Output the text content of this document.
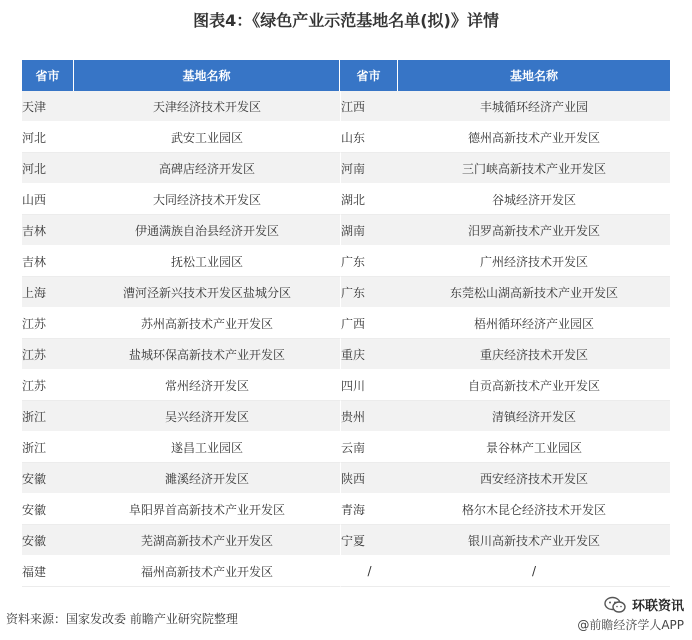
图表4：《绿色产业示范基地名单(拟)》详情
省市	基地名称	省市	基地名称
天津	天津经济技术开发区	江西	丰城循环经济产业园
河北	武安工业园区	山东	德州高新技术产业开发区
河北	高碑店经济开发区	河南	三门峡高新技术产业开发区
山西	大同经济技术开发区	湖北	谷城经济开发区
吉林	伊通满族自治县经济开发区	湖南	汨罗高新技术产业开发区
吉林	抚松工业园区	广东	广州经济技术开发区
上海	漕河泾新兴技术开发区盐城分区	广东	东莞松山湖高新技术产业开发区
江苏	苏州高新技术产业开发区	广西	梧州循环经济产业园区
江苏	盐城环保高新技术产业开发区	重庆	重庆经济技术开发区
江苏	常州经济开发区	四川	自贡高新技术产业开发区
浙江	吴兴经济开发区	贵州	清镇经济开发区
浙江	遂昌工业园区	云南	景谷林产工业园区
安徽	濉溪经济开发区	陕西	西安经济技术开发区
安徽	阜阳界首高新技术产业开发区	青海	格尔木昆仑经济技术开发区
安徽	芜湖高新技术产业开发区	宁夏	银川高新技术产业开发区
福建	福州高新技术产业开发区	/	/
资料来源：国家发改委 前瞻产业研究院整理
环联资讯
@前瞻经济学人APP
